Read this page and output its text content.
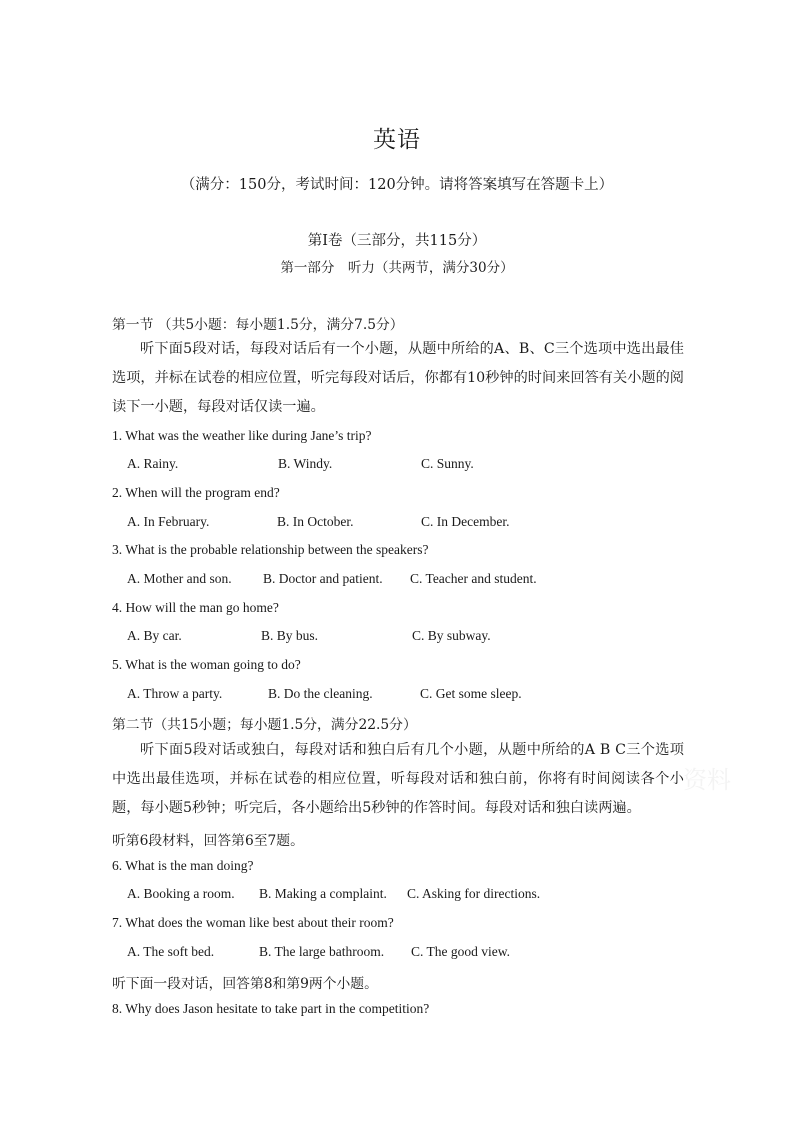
英语
（满分：150分，考试时间：120分钟。请将答案填写在答题卡上）
第Ⅰ卷（三部分，共115分）
第一部分　听力（共两节，满分30分）
第一节 （共5小题：每小题1.5分，满分7.5分）
听下面5段对话，每段对话后有一个小题，从题中所给的A、B、C三个选项中选出最佳选项，并标在试卷的相应位置，听完每段对话后，你都有10秒钟的时间来回答有关小题的阅读下一小题，每段对话仅读一遍。
1. What was the weather like during Jane’s trip?
A. Rainy.	B. Windy.	C. Sunny.
2. When will the program end?
A. In February.	B. In October.	C. In December.
3. What is the probable relationship between the speakers?
A. Mother and son. B. Doctor and patient. C. Teacher and student.
4. How will the man go home?
A. By car.	B. By bus.	C. By subway.
5. What is the woman going to do?
A. Throw a party.	B. Do the cleaning.	C. Get some sleep.
第二节（共15小题；每小题1.5分，满分22.5分）
听下面5段对话或独白，每段对话和独白后有几个小题，从题中所给的A B C三个选项中选出最佳选项，并标在试卷的相应位置，听每段对话和独白前，你将有时间阅读各个小题，每小题5秒钟；听完后，各小题给出5秒钟的作答时间。每段对话和独白读两遍。
听第6段材料，回答第6至7题。
6. What is the man doing?
A. Booking a room. B. Making a complaint. C. Asking for directions.
7. What does the woman like best about their room?
A. The soft bed.	B. The large bathroom. C. The good view.
听下面一段对话，回答第8和第9两个小题。
8. Why does Jason hesitate to take part in the competition?
资料
